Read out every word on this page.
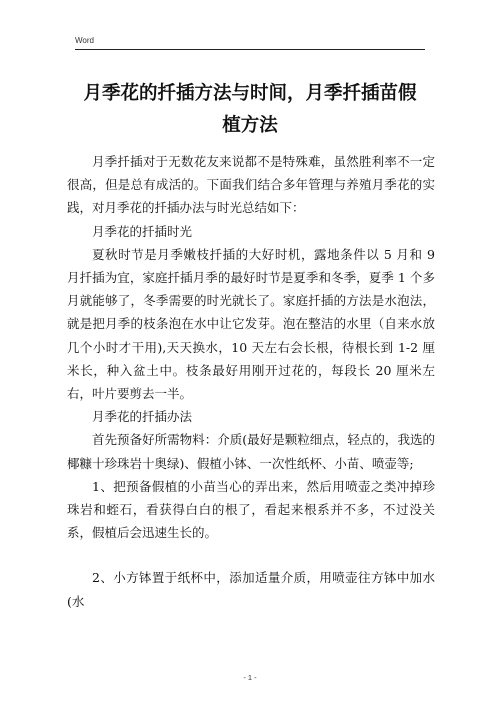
Word
月季花的扦插方法与时间，月季扦插苗假植方法

月季扦插对于无数花友来说都不是特殊难，虽然胜利率不一定很高，但是总有成活的。下面我们结合多年管理与养殖月季花的实践，对月季花的扦插办法与时光总结如下：

月季花的扦插时光

夏秋时节是月季嫩枝扦插的大好时机，露地条件以 5 月和 9 月扦插为宜，家庭扦插月季的最好时节是夏季和冬季，夏季 1 个多月就能够了，冬季需要的时光就长了。家庭扦插的方法是水泡法，就是把月季的枝条泡在水中让它发芽。泡在整洁的水里（自来水放几个小时才干用),天天换水，10 天左右会长根，待根长到 1-2 厘米长，种入盆土中。枝条最好用刚开过花的，每段长 20 厘米左右，叶片要剪去一半。

月季花的扦插办法

首先预备好所需物料：介质(最好是颗粒细点，轻点的，我选的椰糠十珍珠岩十奥绿)、假植小钵、一次性纸杯、小苗、喷壶等;

1、把预备假植的小苗当心的弄出来，然后用喷壶之类冲掉珍珠岩和蛭石，看获得白白的根了，看起来根系并不多，不过没关系，假植后会迅速生长的。

2、小方钵置于纸杯中，添加适量介质，用喷壶往方钵中加水(水

- 1 -
